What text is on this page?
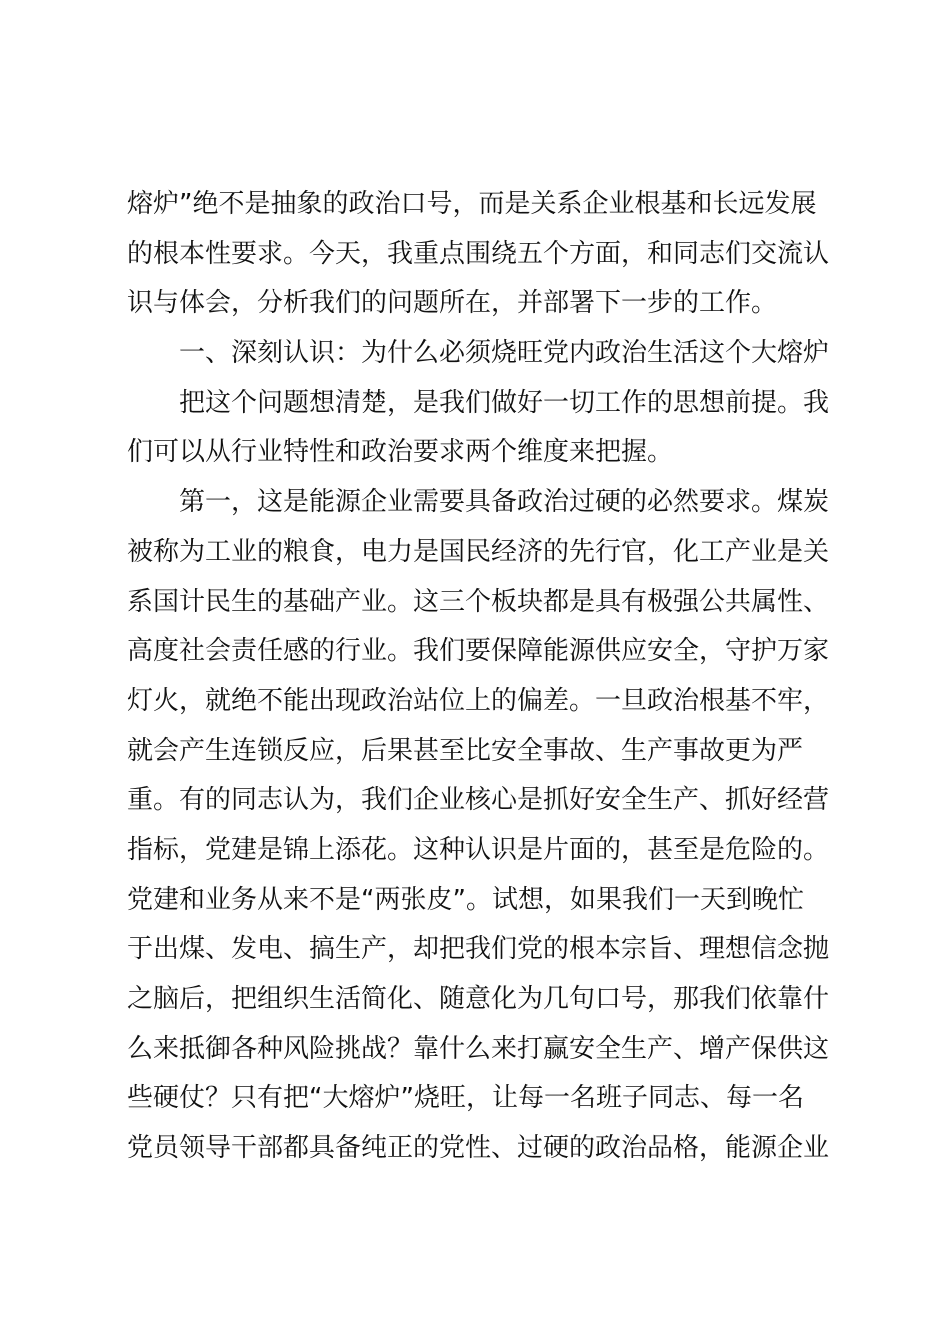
熔炉”绝不是抽象的政治口号，而是关系企业根基和长远发展
的根本性要求。今天，我重点围绕五个方面，和同志们交流认
识与体会，分析我们的问题所在，并部署下一步的工作。
一、深刻认识：为什么必须烧旺党内政治生活这个大熔炉
把这个问题想清楚，是我们做好一切工作的思想前提。我
们可以从行业特性和政治要求两个维度来把握。
第一，这是能源企业需要具备政治过硬的必然要求。煤炭
被称为工业的粮食，电力是国民经济的先行官，化工产业是关
系国计民生的基础产业。这三个板块都是具有极强公共属性、
高度社会责任感的行业。我们要保障能源供应安全，守护万家
灯火，就绝不能出现政治站位上的偏差。一旦政治根基不牢，
就会产生连锁反应，后果甚至比安全事故、生产事故更为严
重。有的同志认为，我们企业核心是抓好安全生产、抓好经营
指标，党建是锦上添花。这种认识是片面的，甚至是危险的。
党建和业务从来不是“两张皮”。试想，如果我们一天到晚忙
于出煤、发电、搞生产，却把我们党的根本宗旨、理想信念抛
之脑后，把组织生活简化、随意化为几句口号，那我们依靠什
么来抵御各种风险挑战？靠什么来打赢安全生产、增产保供这
些硬仗？只有把“大熔炉”烧旺，让每一名班子同志、每一名
党员领导干部都具备纯正的党性、过硬的政治品格，能源企业
